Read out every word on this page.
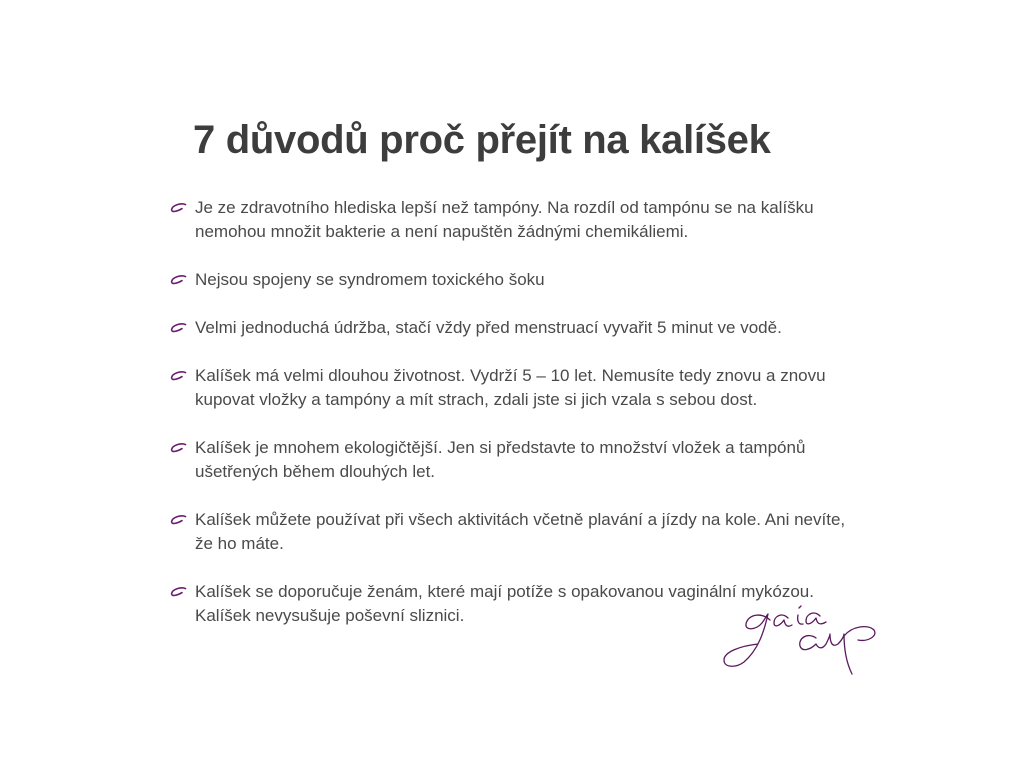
7 důvodů proč přejít na kalíšek
Je ze zdravotního hlediska lepší než tampóny. Na rozdíl od tampónu se na kalíšku nemohou množit bakterie a není napuštěn žádnými chemikáliemi.
Nejsou spojeny se syndromem toxického šoku
Velmi jednoduchá údržba, stačí vždy před menstruací vyvařit 5 minut ve vodě.
Kalíšek má velmi dlouhou životnost. Vydrží 5 – 10 let. Nemusíte tedy znovu a znovu kupovat vložky a tampóny a mít strach, zdali jste si jich vzala s sebou dost.
Kalíšek je mnohem ekologičtější. Jen si představte to množství vložek a tampónů ušetřených během dlouhých let.
Kalíšek můžete používat při všech aktivitách včetně plavání a jízdy na kole. Ani nevíte, že ho máte.
Kalíšek se doporučuje ženám, které mají potíže s opakovanou vaginální mykózou. Kalíšek nevysušuje poševní sliznici.
